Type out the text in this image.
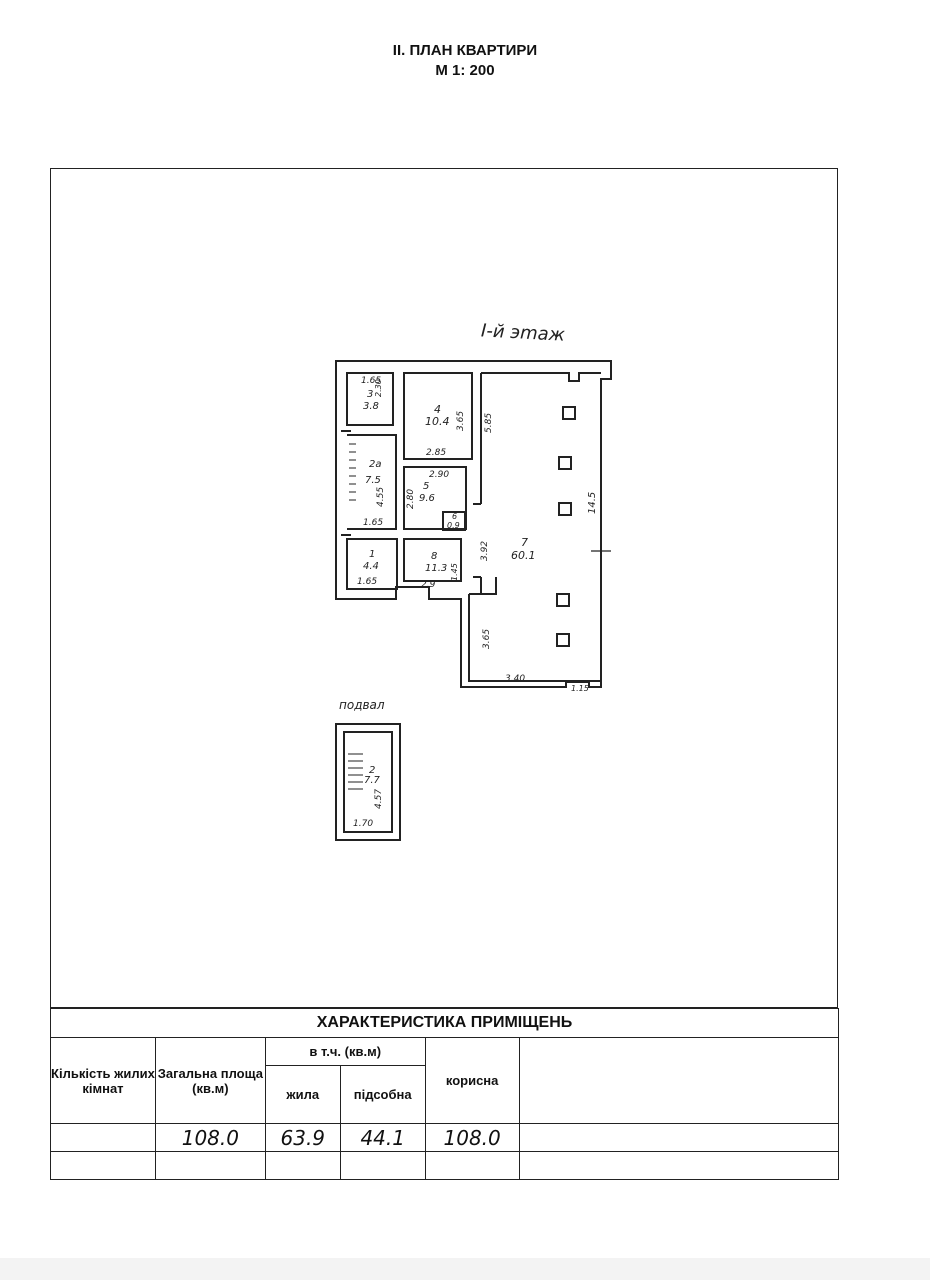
II. ПЛАН КВАРТИРИ
М 1: 200
I-й эmаж
подвал
3
3.8	4
10.4
2а
7.5
5
9.6
6
0.9
1
4.4
8
11.3
7
60.1
2
7.7
1.65
2.30
3.65
2.85
5.85
2.90
4.55 2.80
1.65
3.92
14.5
1.65	2.9
1.45
3.65
3.40
1.15
4.57
1.70
ХАРАКТЕРИСТИКА ПРИМІЩЕНЬ					
Кількість жилих кімнат	Загальна площа (кв.м)	в т.ч. (кв.м)		корисна	
		жила	підсобна		
	108.0	63.9	44.1	108.0	
